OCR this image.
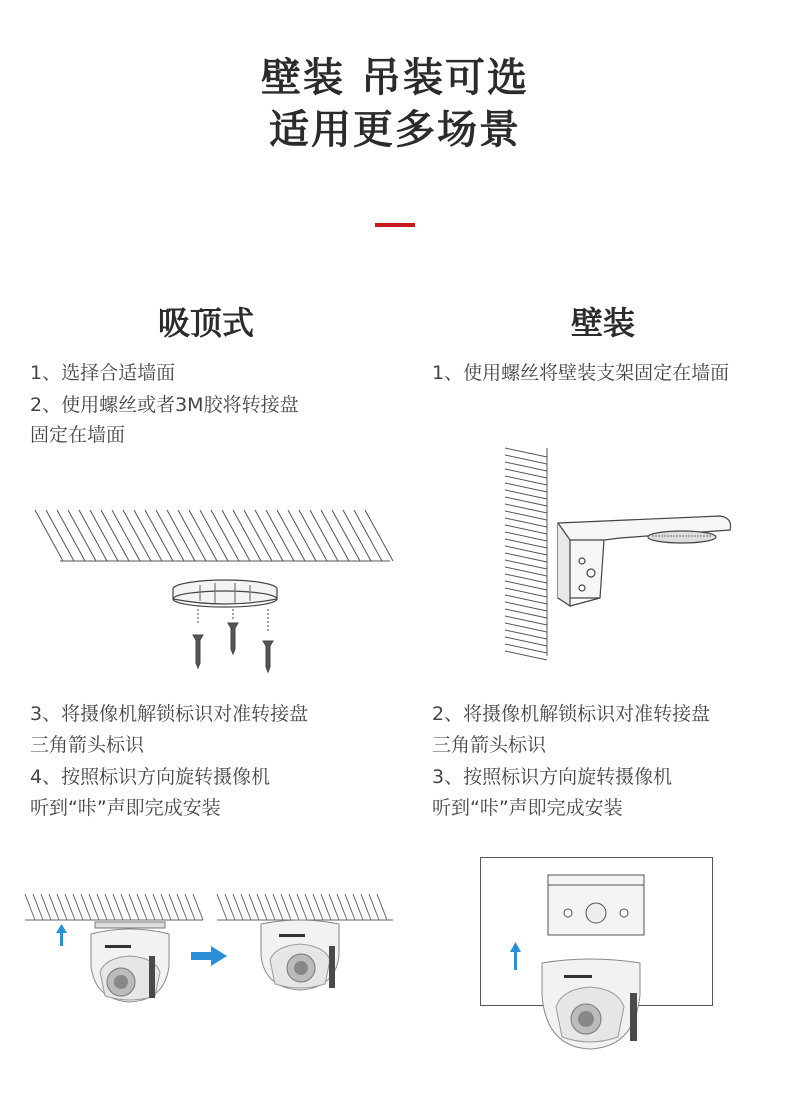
壁装 吊装可选
适用更多场景
吸顶式	壁装
1、选择合适墙面
2、使用螺丝或者3M胶将转接盘
固定在墙面
1、使用螺丝将壁装支架固定在墙面
3、将摄像机解锁标识对准转接盘
三角箭头标识
4、按照标识方向旋转摄像机
听到“咔”声即完成安装
2、将摄像机解锁标识对准转接盘
三角箭头标识
3、按照标识方向旋转摄像机
听到“咔”声即完成安装
